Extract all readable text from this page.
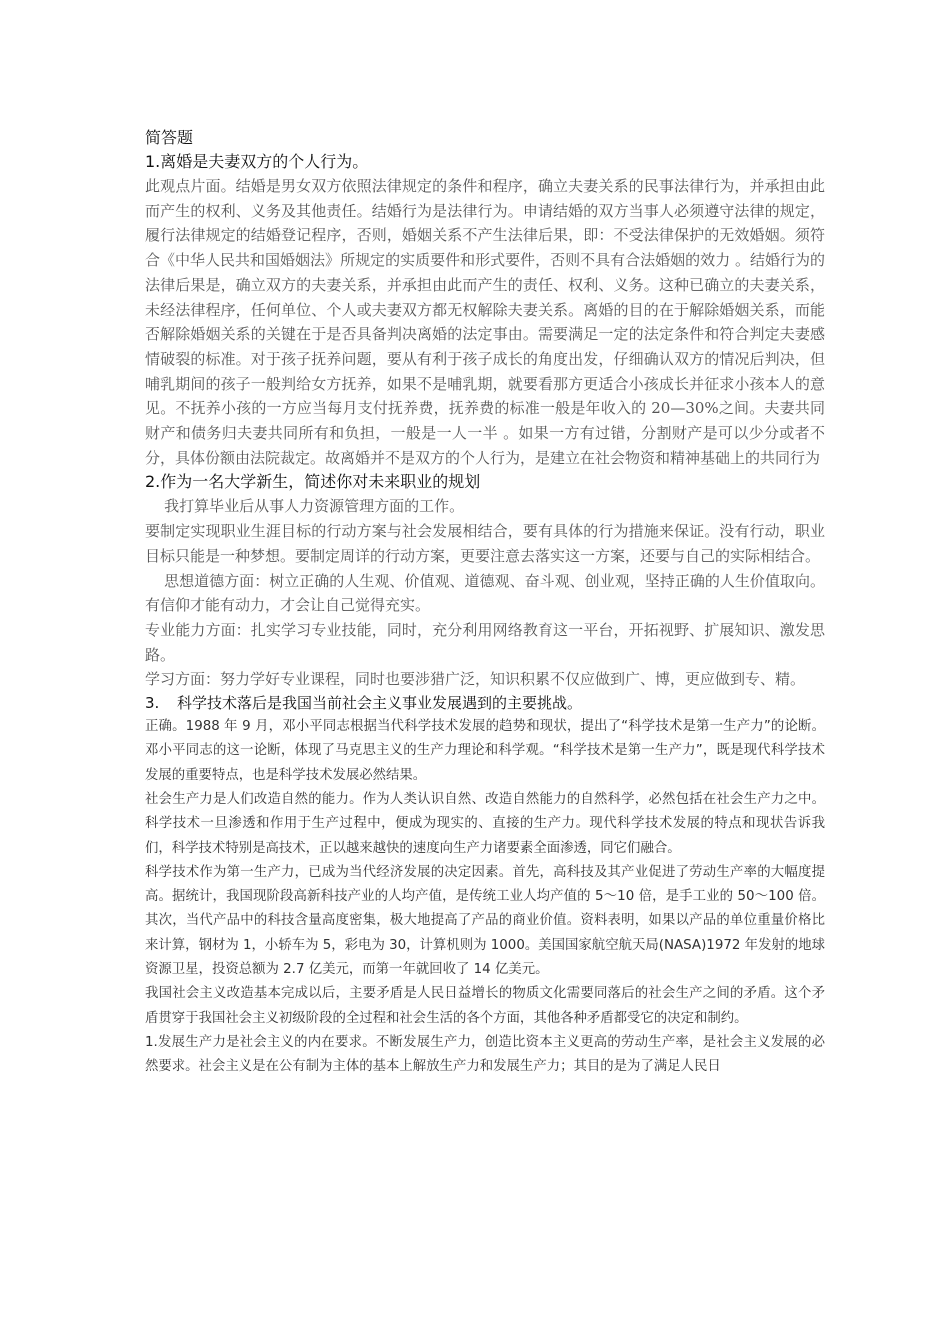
简答题

1.离婚是夫妻双方的个人行为。

此观点片面。结婚是男女双方依照法律规定的条件和程序，确立夫妻关系的民事法律行为，并承担由此而产生的权利、义务及其他责任。结婚行为是法律行为。申请结婚的双方当事人必须遵守法律的规定，履行法律规定的结婚登记程序，否则，婚姻关系不产生法律后果，即：不受法律保护的无效婚姻。须符合《中华人民共和国婚姻法》所规定的实质要件和形式要件，否则不具有合法婚姻的效力 。结婚行为的法律后果是，确立双方的夫妻关系，并承担由此而产生的责任、权利、义务。这种已确立的夫妻关系，未经法律程序，任何单位、个人或夫妻双方都无权解除夫妻关系。离婚的目的在于解除婚姻关系，而能否解除婚姻关系的关键在于是否具备判决离婚的法定事由。需要满足一定的法定条件和符合判定夫妻感情破裂的标准。对于孩子抚养问题，要从有利于孩子成长的角度出发，仔细确认双方的情况后判决，但哺乳期间的孩子一般判给女方抚养，如果不是哺乳期，就要看那方更适合小孩成长并征求小孩本人的意见。不抚养小孩的一方应当每月支付抚养费，抚养费的标准一般是年收入的 20—30%之间。夫妻共同财产和债务归夫妻共同所有和负担，一般是一人一半 。如果一方有过错，分割财产是可以少分或者不分，具体份额由法院裁定。故离婚并不是双方的个人行为，是建立在社会物资和精神基础上的共同行为

2.作为一名大学新生，简述你对未来职业的规划

我打算毕业后从事人力资源管理方面的工作。

要制定实现职业生涯目标的行动方案与社会发展相结合，要有具体的行为措施来保证。没有行动，职业目标只能是一种梦想。要制定周详的行动方案，更要注意去落实这一方案，还要与自己的实际相结合。

思想道德方面：树立正确的人生观、价值观、道德观、奋斗观、创业观，坚持正确的人生价值取向。有信仰才能有动力，才会让自己觉得充实。

专业能力方面：扎实学习专业技能，同时，充分利用网络教育这一平台，开拓视野、扩展知识、激发思路。

学习方面：努力学好专业课程，同时也要涉猎广泛，知识积累不仅应做到广、博，更应做到专、精。

3. 科学技术落后是我国当前社会主义事业发展遇到的主要挑战。

正确。1988 年 9 月，邓小平同志根据当代科学技术发展的趋势和现状，提出了“科学技术是第一生产力”的论断。邓小平同志的这一论断，体现了马克思主义的生产力理论和科学观。“科学技术是第一生产力”，既是现代科学技术发展的重要特点，也是科学技术发展必然结果。

社会生产力是人们改造自然的能力。作为人类认识自然、改造自然能力的自然科学，必然包括在社会生产力之中。科学技术一旦渗透和作用于生产过程中，便成为现实的、直接的生产力。现代科学技术发展的特点和现状告诉我们，科学技术特别是高技术，正以越来越快的速度向生产力诸要素全面渗透，同它们融合。

科学技术作为第一生产力，已成为当代经济发展的决定因素。首先，高科技及其产业促进了劳动生产率的大幅度提高。据统计，我国现阶段高新科技产业的人均产值，是传统工业人均产值的 5～10 倍，是手工业的 50～100 倍。其次，当代产品中的科技含量高度密集，极大地提高了产品的商业价值。资料表明，如果以产品的单位重量价格比来计算，钢材为 1，小轿车为 5，彩电为 30，计算机则为 1000。美国国家航空航天局(NASA)1972 年发射的地球资源卫星，投资总额为 2.7 亿美元，而第一年就回收了 14 亿美元。

我国社会主义改造基本完成以后，主要矛盾是人民日益增长的物质文化需要同落后的社会生产之间的矛盾。这个矛盾贯穿于我国社会主义初级阶段的全过程和社会生活的各个方面，其他各种矛盾都受它的决定和制约。

1.发展生产力是社会主义的内在要求。不断发展生产力，创造比资本主义更高的劳动生产率，是社会主义发展的必然要求。社会主义是在公有制为主体的基本上解放生产力和发展生产力；其目的是为了满足人民日
